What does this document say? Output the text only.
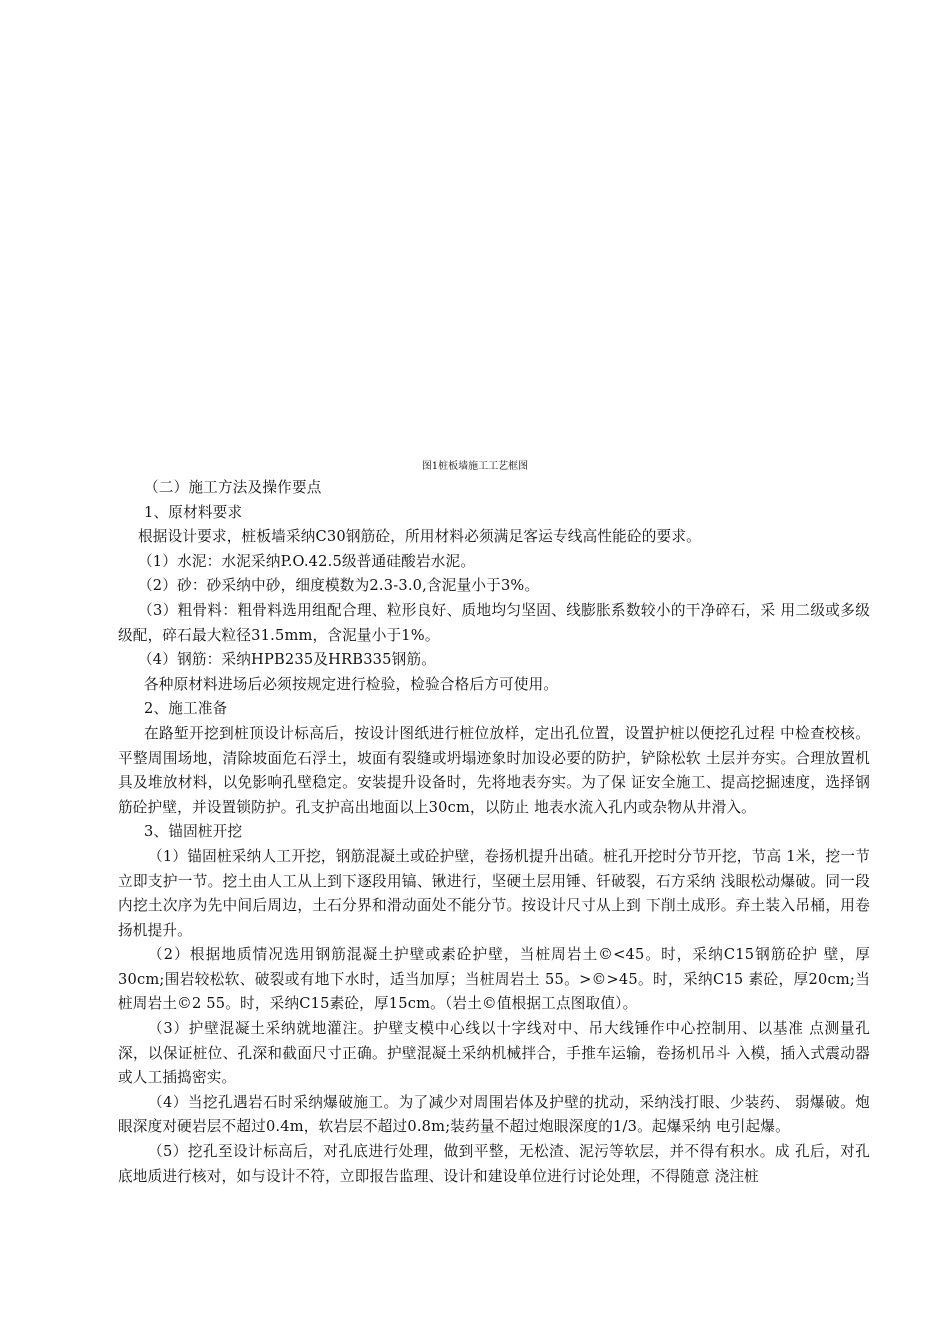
图1桩板墙施工工艺框图

（二）施工方法及操作要点

1、原材料要求

根据设计要求，桩板墙采纳C30钢筋砼，所用材料必须满足客运专线高性能砼的要求。

（1）水泥：水泥采纳P.O.42.5级普通硅酸岩水泥。

（2）砂：砂采纳中砂，细度模数为2.3-3.0,含泥量小于3%。

（3）粗骨料：粗骨料选用组配合理、粒形良好、质地均匀坚固、线膨胀系数较小的干净碎石，采 用二级或多级级配，碎石最大粒径31.5mm，含泥量小于1%。

（4）钢筋：采纳HPB235及HRB335钢筋。

各种原材料进场后必须按规定进行检验，检验合格后方可使用。

2、施工准备

在路堑开挖到桩顶设计标高后，按设计图纸进行桩位放样，定出孔位置，设置护桩以便挖孔过程 中检查校核。平整周围场地，清除坡面危石浮土，坡面有裂缝或坍塌迹象时加设必要的防护，铲除松软 土层并夯实。合理放置机具及堆放材料，以免影响孔壁稳定。安装提升设备时，先将地表夯实。为了保 证安全施工、提高挖掘速度，选择钢筋砼护壁，并设置锁防护。孔支护高出地面以上30cm，以防止 地表水流入孔内或杂物从井滑入。

3、锚固桩开挖

（1）锚固桩采纳人工开挖，钢筋混凝土或砼护壁，卷扬机提升出碴。桩孔开挖时分节开挖，节高 1米，挖一节立即支护一节。挖土由人工从上到下逐段用镐、锹进行，坚硬土层用锤、钎破裂，石方采纳 浅眼松动爆破。同一段内挖土次序为先中间后周边，土石分界和滑动面处不能分节。按设计尺寸从上到 下削土成形。弃土装入吊桶，用卷扬机提升。

（2）根据地质情况选用钢筋混凝土护壁或素砼护壁，当桩周岩土©<45。时，采纳C15钢筋砼护 壁，厚30cm;围岩较松软、破裂或有地下水时，适当加厚；当桩周岩土 55。>©>45。时，采纳C15 素砼，厚20cm;当桩周岩土©2 55。时，采纳C15素砼，厚15cm。（岩土©值根据工点图取值）。

（3）护壁混凝土采纳就地灌注。护壁支模中心线以十字线对中、吊大线锤作中心控制用、以基准 点测量孔深，以保证桩位、孔深和截面尺寸正确。护壁混凝土采纳机械拌合，手推车运输，卷扬机吊斗 入模，插入式震动器或人工插捣密实。

（4）当挖孔遇岩石时采纳爆破施工。为了减少对周围岩体及护壁的扰动，采纳浅打眼、少装药、 弱爆破。炮眼深度对硬岩层不超过0.4m，软岩层不超过0.8m;装药量不超过炮眼深度的1/3。起爆采纳 电引起爆。

（5）挖孔至设计标高后，对孔底进行处理，做到平整，无松渣、泥污等软层，并不得有积水。成 孔后，对孔底地质进行核对，如与设计不符，立即报告监理、设计和建设单位进行讨论处理，不得随意 浇注桩
